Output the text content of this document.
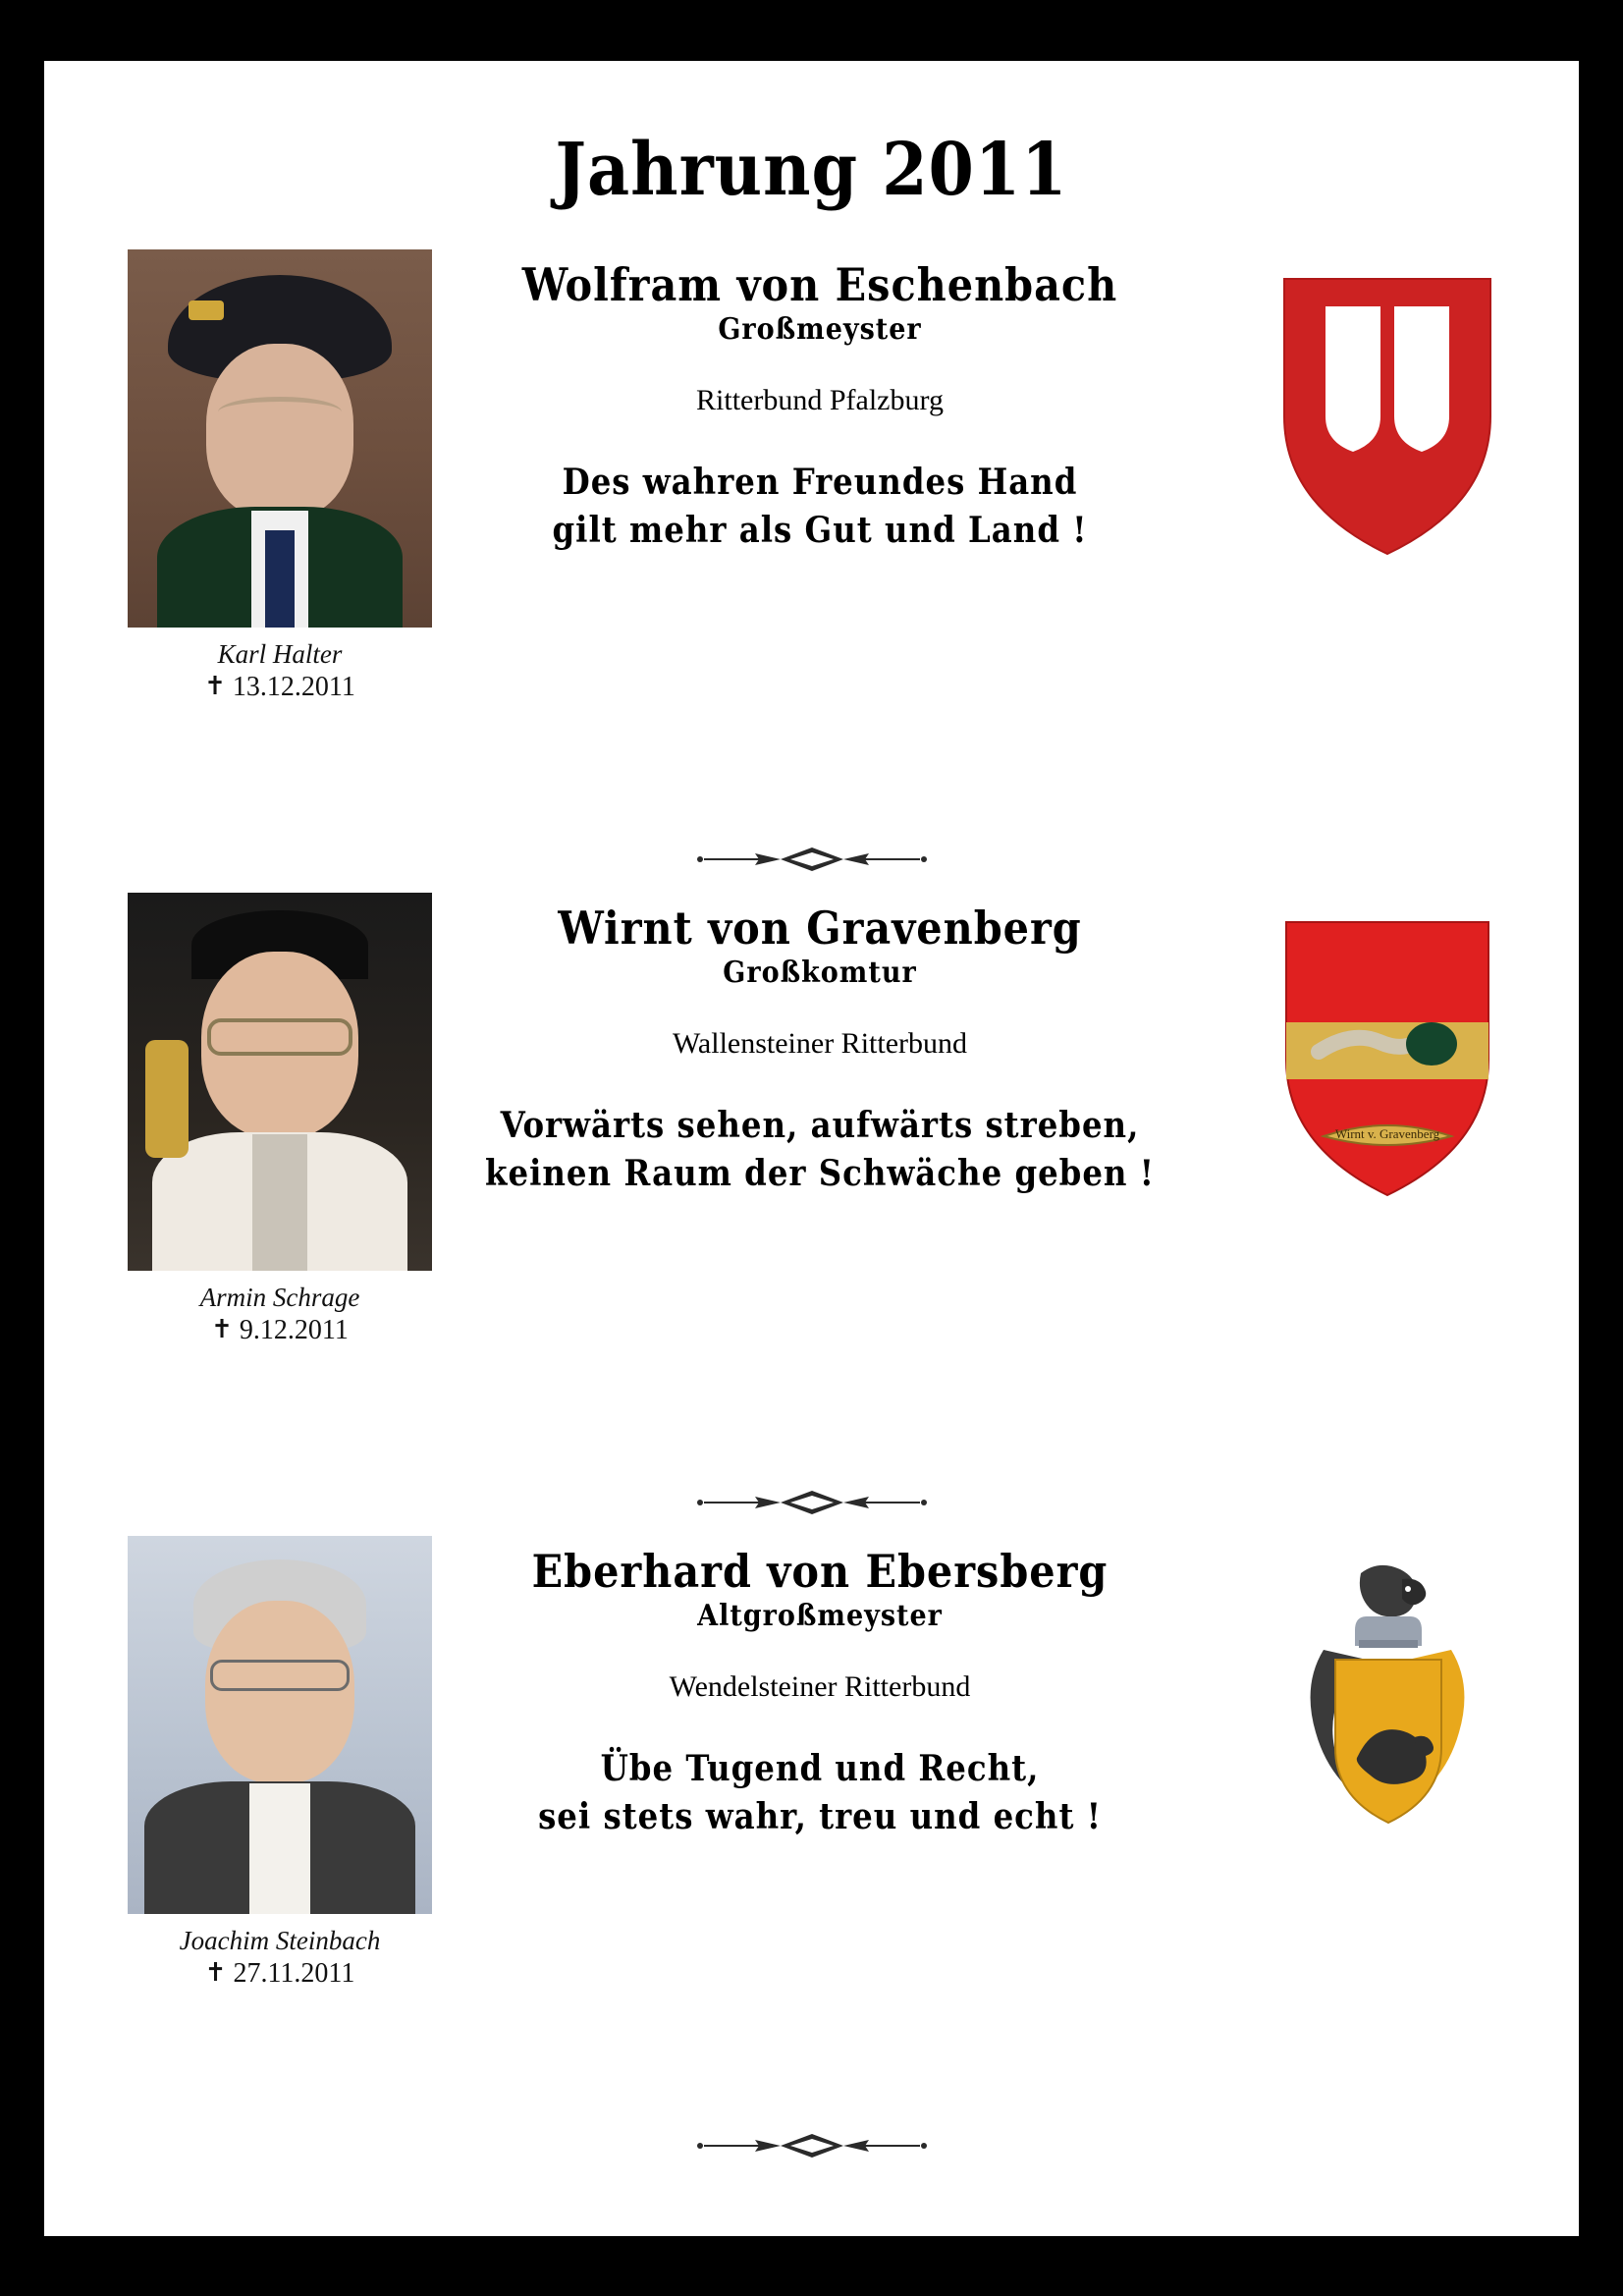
Jahrung 2011
Karl Halter
✝ 13.12.2011
Wolfram von Eschenbach
Großmeyster
Ritterbund Pfalzburg
Des wahren Freundes Hand
gilt mehr als Gut und Land !
Armin Schrage
✝ 9.12.2011
Wirnt von Gravenberg
Großkomtur
Wallensteiner Ritterbund
Vorwärts sehen, aufwärts streben,
keinen Raum der Schwäche geben !
Wirnt v. Gravenberg
Joachim Steinbach
✝ 27.11.2011
Eberhard von Ebersberg
Altgroßmeyster
Wendelsteiner Ritterbund
Übe Tugend und Recht,
sei stets wahr, treu und echt !
